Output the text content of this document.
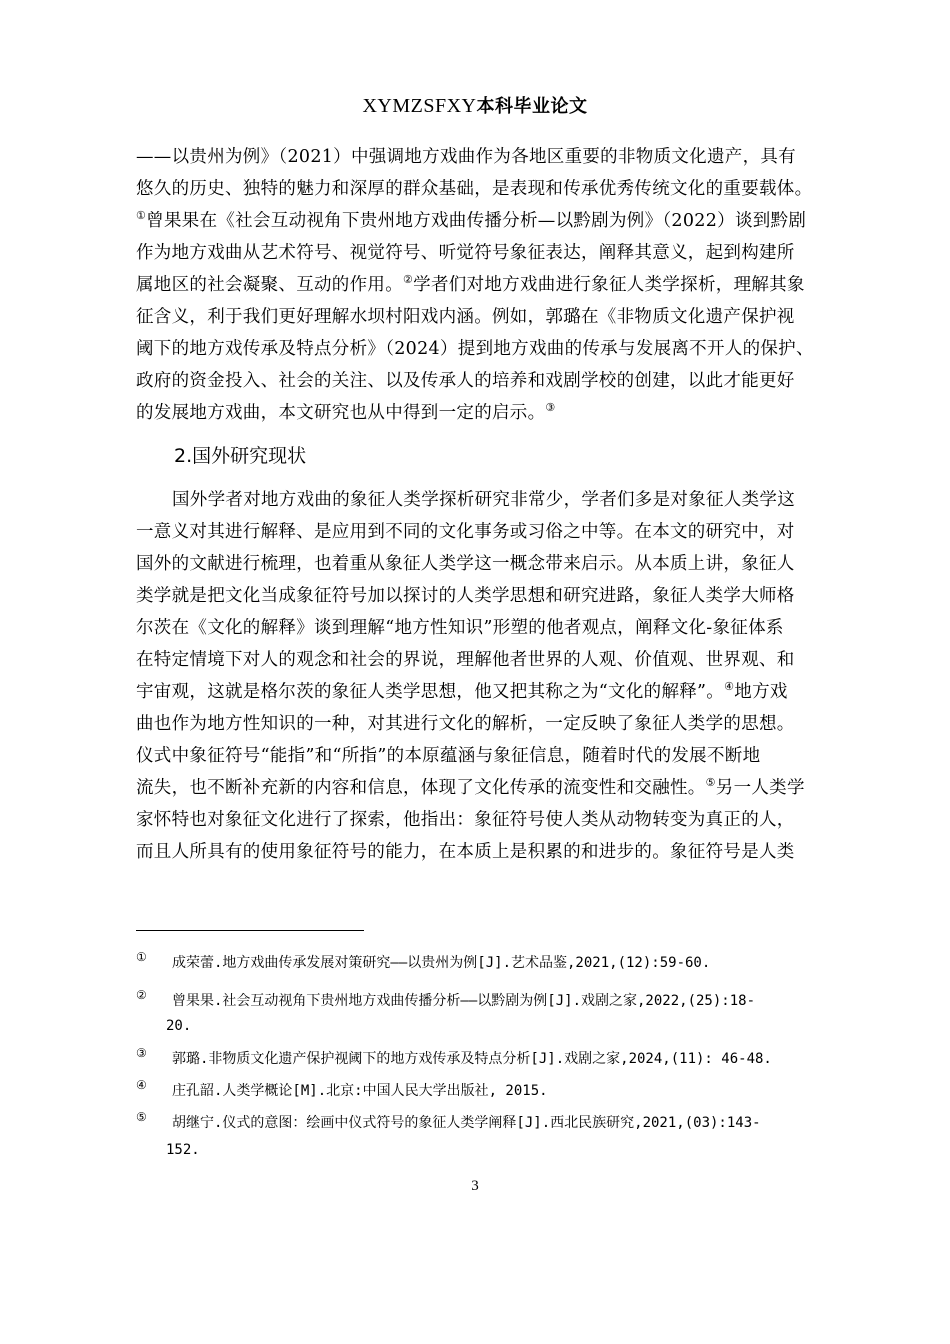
XYMZSFXY本科毕业论文
——以贵州为例》（2021）中强调地方戏曲作为各地区重要的非物质文化遗产，具有
悠久的历史、独特的魅力和深厚的群众基础，是表现和传承优秀传统文化的重要载体。
①曾果果在《社会互动视角下贵州地方戏曲传播分析—以黔剧为例》（2022）谈到黔剧
作为地方戏曲从艺术符号、视觉符号、听觉符号象征表达，阐释其意义，起到构建所
属地区的社会凝聚、互动的作用。②学者们对地方戏曲进行象征人类学探析，理解其象
征含义，利于我们更好理解水坝村阳戏内涵。例如，郭璐在《非物质文化遗产保护视
阈下的地方戏传承及特点分析》（2024）提到地方戏曲的传承与发展离不开人的保护、
政府的资金投入、社会的关注、以及传承人的培养和戏剧学校的创建，以此才能更好
的发展地方戏曲，本文研究也从中得到一定的启示。③
2.国外研究现状
国外学者对地方戏曲的象征人类学探析研究非常少，学者们多是对象征人类学这
一意义对其进行解释、是应用到不同的文化事务或习俗之中等。在本文的研究中，对
国外的文献进行梳理，也着重从象征人类学这一概念带来启示。从本质上讲，象征人
类学就是把文化当成象征符号加以探讨的人类学思想和研究进路，象征人类学大师格
尔茨在《文化的解释》谈到理解“地方性知识”形塑的他者观点，阐释文化-象征体系
在特定情境下对人的观念和社会的界说，理解他者世界的人观、价值观、世界观、和
宇宙观，这就是格尔茨的象征人类学思想，他又把其称之为“文化的解释”。④地方戏
曲也作为地方性知识的一种，对其进行文化的解析，一定反映了象征人类学的思想。
仪式中象征符号“能指”和“所指”的本原蕴涵与象征信息，随着时代的发展不断地
流失，也不断补充新的内容和信息，体现了文化传承的流变性和交融性。⑤另一人类学
家怀特也对象征文化进行了探索，他指出：象征符号使人类从动物转变为真正的人，
而且人所具有的使用象征符号的能力，在本质上是积累的和进步的。象征符号是人类
① 成荣蕾.地方戏曲传承发展对策研究——以贵州为例[J].艺术品鉴,2021,(12):59-60.
② 曾果果.社会互动视角下贵州地方戏曲传播分析——以黔剧为例[J].戏剧之家,2022,(25):18-
20.
③ 郭璐.非物质文化遗产保护视阈下的地方戏传承及特点分析[J].戏剧之家,2024,(11): 46-48.
④ 庄孔韶.人类学概论[M].北京:中国人民大学出版社, 2015.
⑤ 胡继宁.仪式的意图：绘画中仪式符号的象征人类学阐释[J].西北民族研究,2021,(03):143-
152.
3
